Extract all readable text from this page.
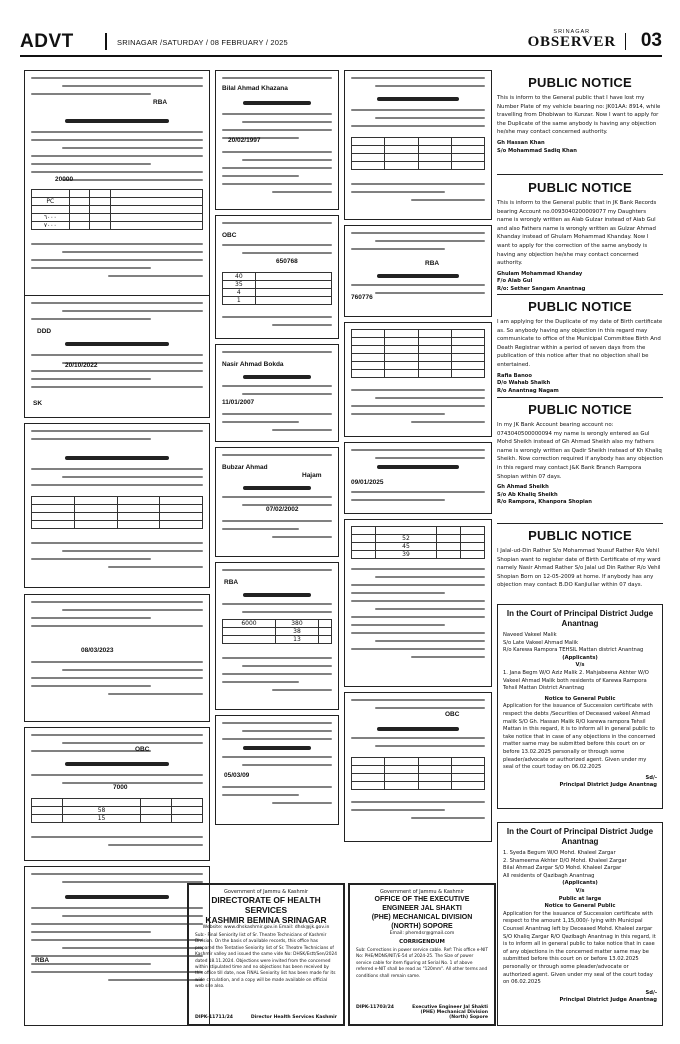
ADVT	SRINAGAR /SATURDAY / 08 FEBRUARY / 2025
SRINAGAR
OBSERVER 03
RBA
20000

PC			

٦٠٠٠			
٧٠٠٠			
DDD
20/10/2022
SK

08/03/2023
OBC
7000

	58		
	15		
RBA
Bilal Ahmad Khazana
20/02/1997
OBC
650768
40	
35	
4	
1	
Nasir Ahmad Bokda
11/01/2007
Bubzar Ahmad
Hajam
07/02/2002
RBA
6000	380	
	38	
	13	
05/03/09

RBA
760776

09/01/2025

	52		
	45		
	39		
OBC

Government of Jammu & Kashmir
DIRECTORATE OF HEALTH SERVICES
KASHMIR BEMINA SRINAGAR
Website: www.dhskashmir.gov.in Email: dhsk@jk.gov.in
Sub:- Final Seniority list of Sr. Theatre Technicians of Kashmir Division. On the basis of available records, this office has prepared the Tentative Seniority list of Sr. Theatre Technicians of Kashmir valley and issued the same vide No: DHSK/Estt/Sen/2024 dated 18.11.2024. Objections were invited from the concerned within stipulated time and no objections has been received by this office till date, now FINAL Seniority list has been made for its wide circulation, and a copy will be made available on official web site also.
DIPK-11711/24	Director Health Services Kashmir
Government of Jammu & Kashmir
OFFICE OF THE EXECUTIVE ENGINEER JAL SHAKTI
(PHE) MECHANICAL DIVISION (NORTH) SOPORE
Email: phemdsr@gmail.com
CORRIGENDUM
Sub: Corrections in power service cable. Ref: This office e-NIT No: PHE/MDNS/NIT/E-54 of 2024-25. The Size of power service cable for item figuring at Serial No. 1 of above referred e-NIT shall be read as "120mm". All other terms and conditions shall remain same.
DIPK-11703/24	Executive Engineer Jal Shakti (PHE) Mechanical Division (North) Sopore
PUBLIC NOTICE
This is inform to the General public that I have lost my Number Plate of my vehicle bearing no: JK01AA: 8914, while travelling from Dhobiwan to Kunzar. Now I want to apply for the Duplicate of the same anybody is having any objection he/she may contact concerned authority.
Gh Hassan Khan
S/o Mohammad Sadiq Khan
PUBLIC NOTICE
This is inform to the General public that in JK Bank Records bearing Account no.0093040200009077 my Daughters name is wrongly written as Aiab Gulzar instead of Aiab Gul and also Fathers name is wrongly written as Gulzar Ahmad Khanday instead of Ghulam Mohammad Khanday. Now I want to apply for the correction of the same anybody is having any objection he/she may contact concerned authority.
Ghulam Mohammad Khanday
F/o Aiab Gul
R/o: Sether Sangam Anantnag
PUBLIC NOTICE
I am applying for the Duplicate of my date of Birth certificate as. So anybody having any objection in this regard may communicate to office of the Municipal Committee Birth And Death Registrar within a period of seven days from the publication of this notice after that no objection shall be entertained.
Rafia Banoo
D/o Wahab Shaikh
R/o Anantnag Nagam
PUBLIC NOTICE
In my JK Bank Account bearing account no: 0743040500000094 my name is wrongly entered as Gul Mohd Sheikh instead of Gh Ahmad Sheikh also my fathers name is wrongly written as Qadir Sheikh instead of Kh Khaliq Sheikh. Now correction required if anybody has any objection in this regard may contact J&K Bank Branch Rampora Shopian within 07 days.
Gh Ahmad Sheikh
S/o Ab Khaliq Sheikh
R/o Rampora, Khanpora Shopian
PUBLIC NOTICE
I Jalal-ud-Din Rather S/o Mohammad Yousuf Rather R/o Vehil Shopian want to register date of Birth Certificate of my ward namely Nasir Ahmad Rather S/o Jalal ud Din Rather R/o Vehil Shopian Born on 12-05-2009 at home. If anybody has any objection may contact B.DO Kanjiullar within 07 days.
In the Court of Principal District Judge Anantnag
Naveed Vakeel Malik
S/o Late Vakeel Ahmad Malik
R/o Karewa Rampora TEHSIL Mattan district Anantnag
(Applicants)
V/s
1. Jana Begm W/O Aziz Malik 2. Mahjabeena Akhter W/O Vakeel Ahmad Malik both residents of Karewa Rampora Tehsil Mattan District Anantnag
Notice to General Public
Application for the issuance of Succession certificate with respect the debts /Securities of Deceased vakeel Ahmad malik S/O Gh. Hassan Malik R/O karewa rampora Tehsil Mattan in this regard, it is to inform all in general public to take notice that in case of any objections in the concerned matter same may be submitted before this court on or before 13.02.2025 personally or through some pleader/advocate or authorized agent. Given under my seal of the court today on 06.02.2025
Sd/-
Principal District Judge Anantnag
In the Court of Principal District Judge Anantnag
1. Syeda Begum W/O Mohd. Khaleel Zargar
2. Shameema Akhter D/O Mohd. Khaleel Zargar
Bilal Ahmad Zargar S/O Mohd. Khaleel Zargar
All residents of Qazibagh Anantnag
(Applicants)
V/s
Public at large
Notice to General Public
Application for the issuance of Succession certificate with respect to the amount 1,15,000/- lying with Municipal Counsel Anantnag left by Deceased Mohd. Khaleel zargar S/O Khaliq Zargar R/O Qazibagh Anantnag in this regard, it is to inform all in general public to take notice that in case of any objections in the concerned matter same may be submitted before this court on or before 13.02.2025 personally or through some pleader/advocate or authorized agent. Given under my seal of the court today on 06.02.2025
Sd/-
Principal District Judge Anantnag
